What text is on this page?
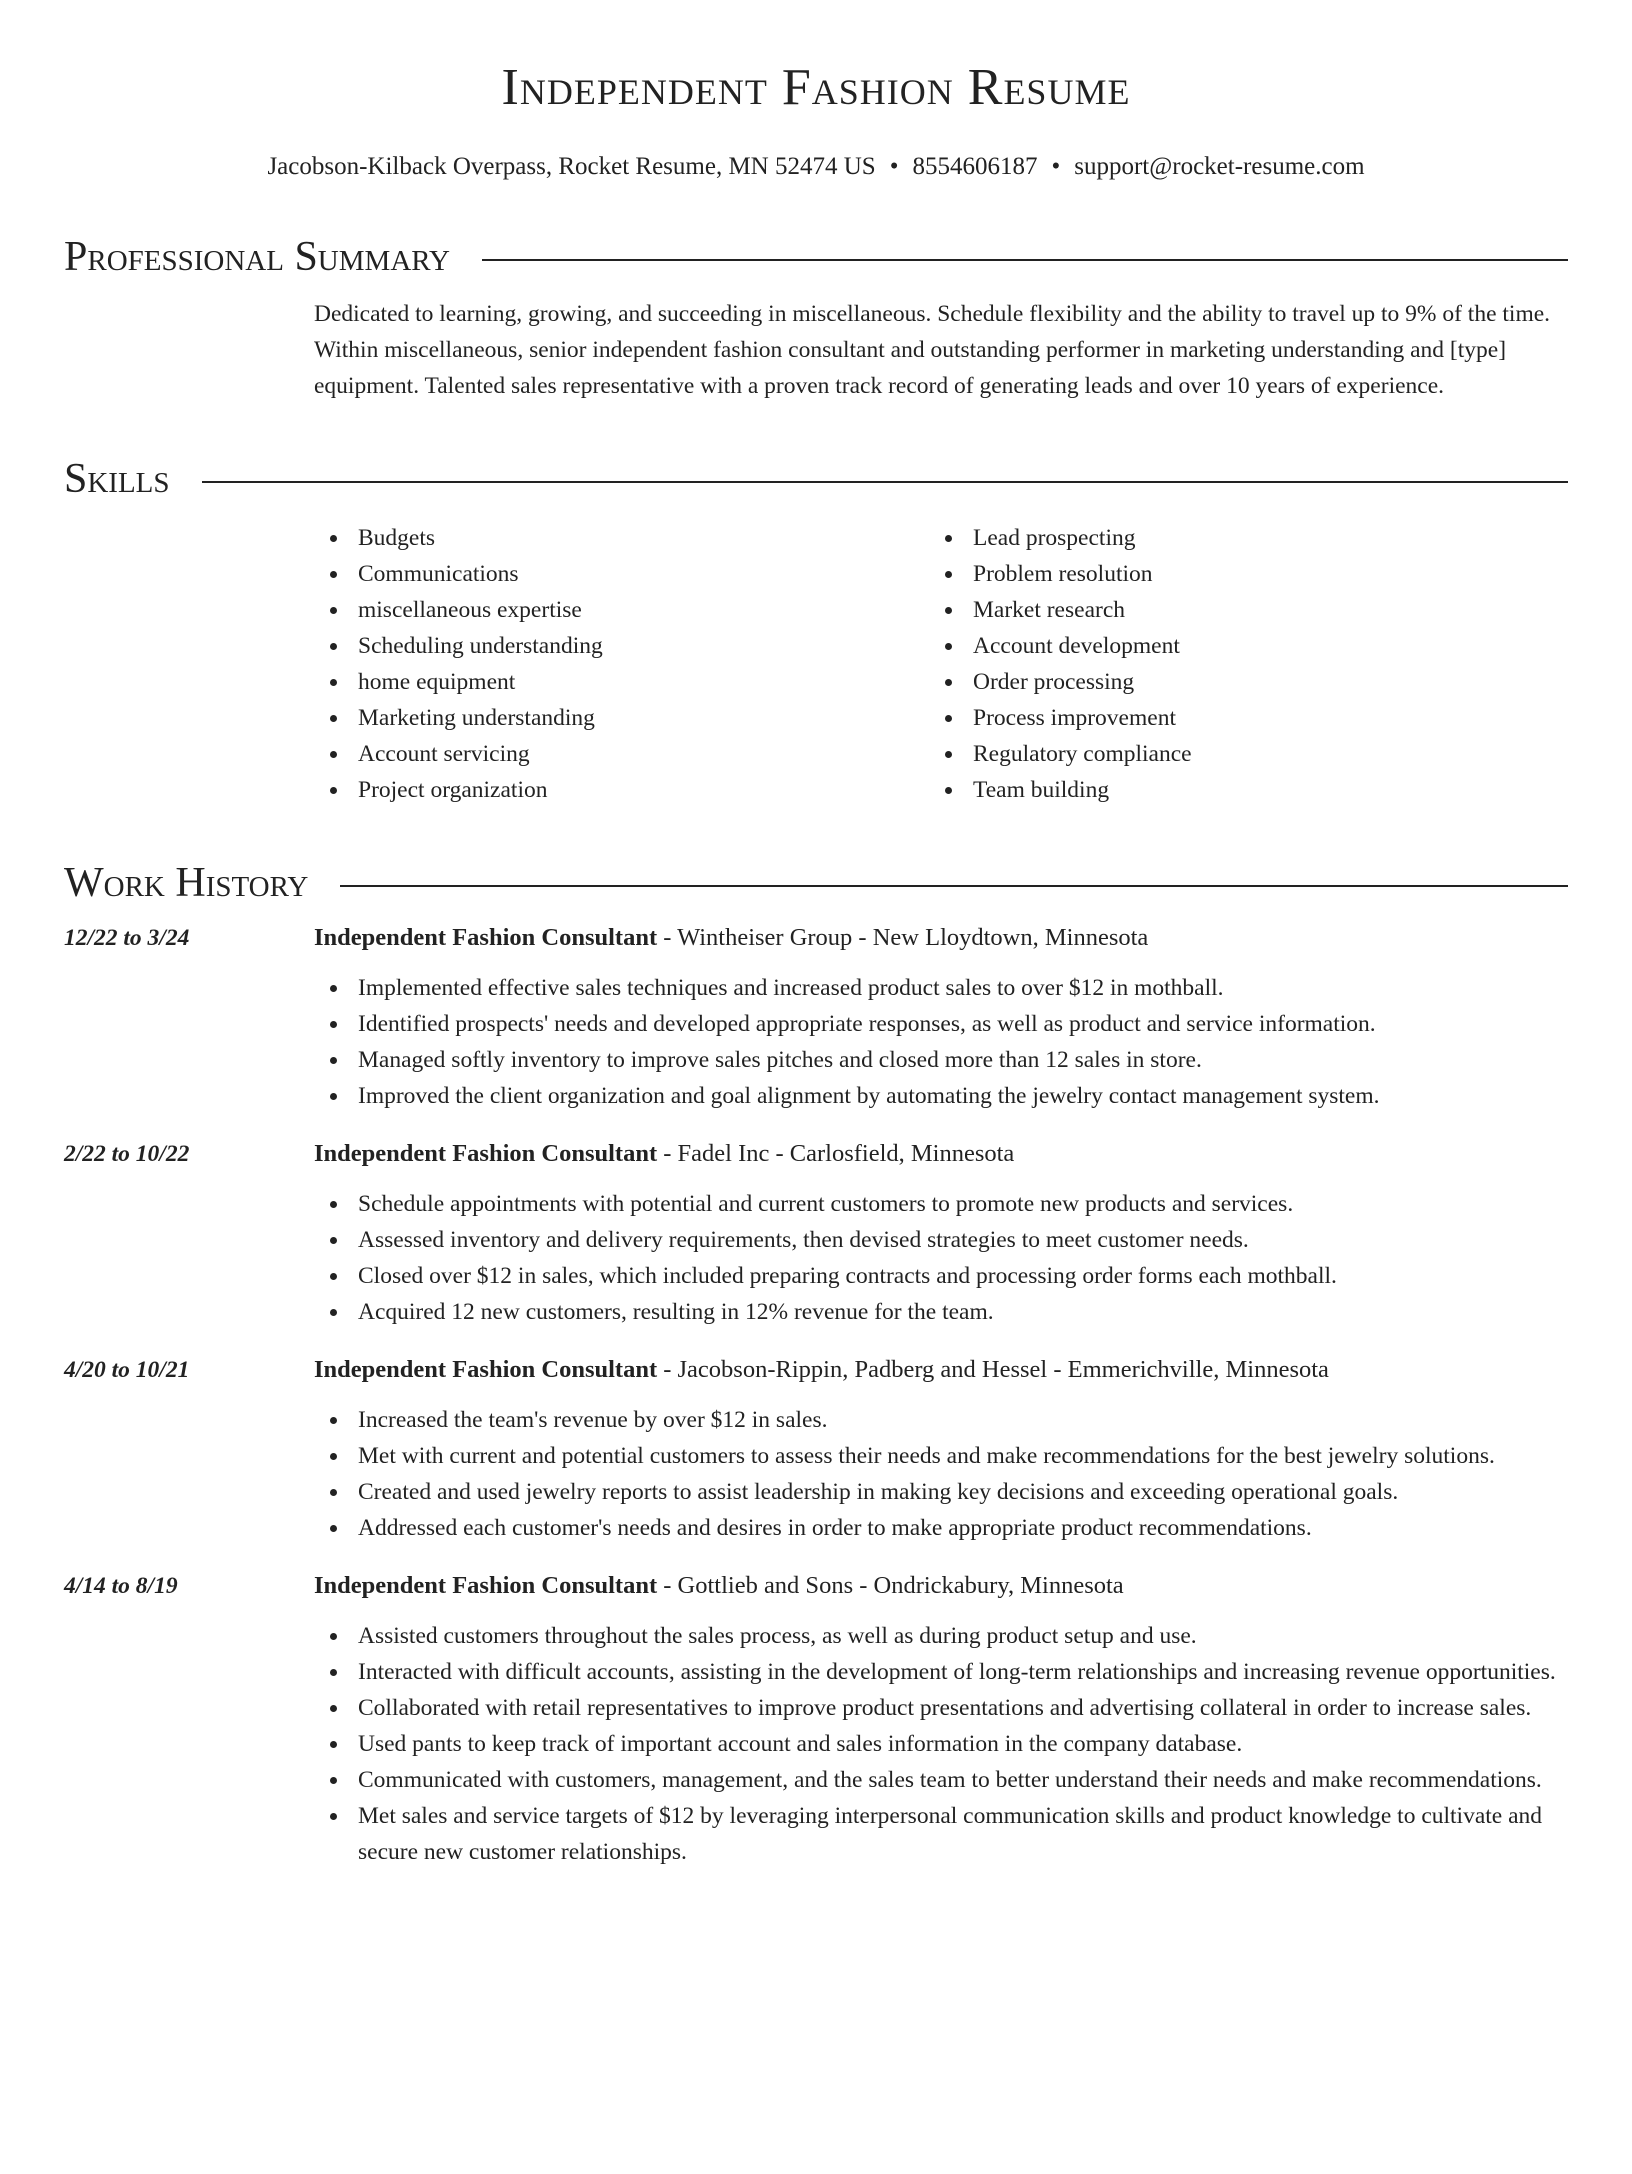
Independent Fashion Resume
Jacobson-Kilback Overpass, Rocket Resume, MN 52474 US • 8554606187 • support@rocket-resume.com
Professional Summary
Dedicated to learning, growing, and succeeding in miscellaneous. Schedule flexibility and the ability to travel up to 9% of the time. Within miscellaneous, senior independent fashion consultant and outstanding performer in marketing understanding and [type] equipment. Talented sales representative with a proven track record of generating leads and over 10 years of experience.
Skills
Budgets
Communications
miscellaneous expertise
Scheduling understanding
home equipment
Marketing understanding
Account servicing
Project organization
Lead prospecting
Problem resolution
Market research
Account development
Order processing
Process improvement
Regulatory compliance
Team building
Work History
12/22 to 3/24	Independent Fashion Consultant - Wintheiser Group - New Lloydtown, Minnesota
Implemented effective sales techniques and increased product sales to over $12 in mothball.
Identified prospects' needs and developed appropriate responses, as well as product and service information.
Managed softly inventory to improve sales pitches and closed more than 12 sales in store.
Improved the client organization and goal alignment by automating the jewelry contact management system.
2/22 to 10/22	Independent Fashion Consultant - Fadel Inc - Carlosfield, Minnesota
Schedule appointments with potential and current customers to promote new products and services.
Assessed inventory and delivery requirements, then devised strategies to meet customer needs.
Closed over $12 in sales, which included preparing contracts and processing order forms each mothball.
Acquired 12 new customers, resulting in 12% revenue for the team.
4/20 to 10/21	Independent Fashion Consultant - Jacobson-Rippin, Padberg and Hessel - Emmerichville, Minnesota
Increased the team's revenue by over $12 in sales.
Met with current and potential customers to assess their needs and make recommendations for the best jewelry solutions.
Created and used jewelry reports to assist leadership in making key decisions and exceeding operational goals.
Addressed each customer's needs and desires in order to make appropriate product recommendations.
4/14 to 8/19	Independent Fashion Consultant - Gottlieb and Sons - Ondrickabury, Minnesota
Assisted customers throughout the sales process, as well as during product setup and use.
Interacted with difficult accounts, assisting in the development of long-term relationships and increasing revenue opportunities.
Collaborated with retail representatives to improve product presentations and advertising collateral in order to increase sales.
Used pants to keep track of important account and sales information in the company database.
Communicated with customers, management, and the sales team to better understand their needs and make recommendations.
Met sales and service targets of $12 by leveraging interpersonal communication skills and product knowledge to cultivate and secure new customer relationships.
